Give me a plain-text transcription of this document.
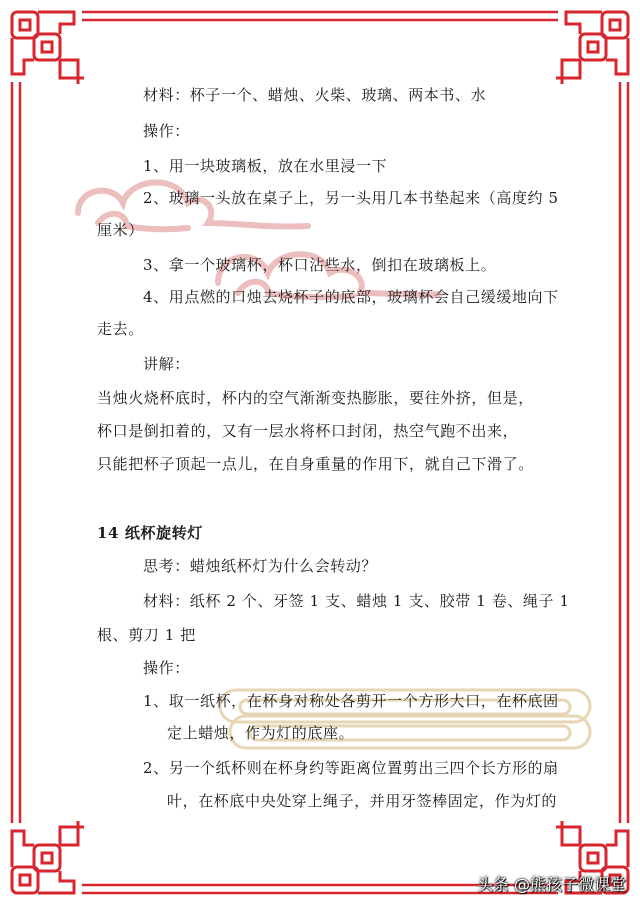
材料：杯子一个、蜡烛、火柴、玻璃、两本书、水
操作：
1、用一块玻璃板，放在水里浸一下
2、玻璃一头放在桌子上，另一头用几本书垫起来（高度约 5
厘米）
3、拿一个玻璃杯，杯口沾些水，倒扣在玻璃板上。
4、用点燃的口烛去烧杯子的底部，玻璃杯会自己缓缓地向下
走去。
讲解：
当烛火烧杯底时，杯内的空气渐渐变热膨胀，要往外挤，但是，
杯口是倒扣着的，又有一层水将杯口封闭，热空气跑不出来，
只能把杯子顶起一点儿，在自身重量的作用下，就自己下滑了。
14 纸杯旋转灯
思考：蜡烛纸杯灯为什么会转动？
材料：纸杯 2 个、牙签 1 支、蜡烛 1 支、胶带 1 卷、绳子 1
根、剪刀 1 把
操作：
1、取一纸杯，在杯身对称处各剪开一个方形大口，在杯底固
定上蜡烛，作为灯的底座。
2、另一个纸杯则在杯身约等距离位置剪出三四个长方形的扇
叶，在杯底中央处穿上绳子，并用牙签棒固定，作为灯的
头条 @熊孩子微课堂
